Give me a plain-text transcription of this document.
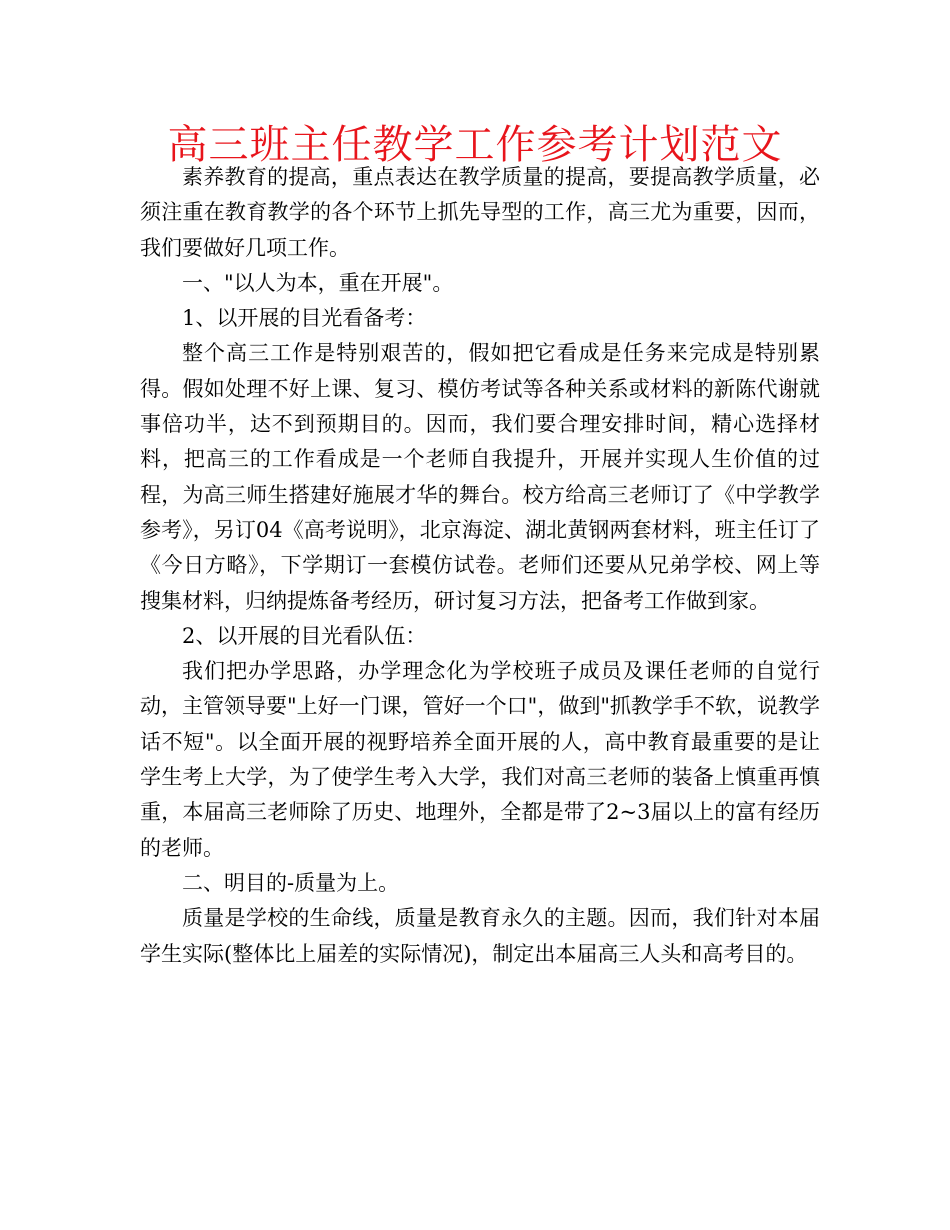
高三班主任教学工作参考计划范文

素养教育的提高，重点表达在教学质量的提高，要提高教学质量，必须注重在教育教学的各个环节上抓先导型的工作，高三尤为重要，因而，我们要做好几项工作。

一、"以人为本，重在开展"。

1、以开展的目光看备考：

整个高三工作是特别艰苦的，假如把它看成是任务来完成是特别累得。假如处理不好上课、复习、模仿考试等各种关系或材料的新陈代谢就事倍功半，达不到预期目的。因而，我们要合理安排时间，精心选择材料，把高三的工作看成是一个老师自我提升，开展并实现人生价值的过程，为高三师生搭建好施展才华的舞台。校方给高三老师订了《中学教学参考》，另订04《高考说明》，北京海淀、湖北黄钢两套材料，班主任订了《今日方略》，下学期订一套模仿试卷。老师们还要从兄弟学校、网上等搜集材料，归纳提炼备考经历，研讨复习方法，把备考工作做到家。

2、以开展的目光看队伍：

我们把办学思路，办学理念化为学校班子成员及课任老师的自觉行动，主管领导要"上好一门课，管好一个口"，做到"抓教学手不软，说教学话不短"。以全面开展的视野培养全面开展的人，高中教育最重要的是让学生考上大学，为了使学生考入大学，我们对高三老师的装备上慎重再慎重，本届高三老师除了历史、地理外，全都是带了2~3届以上的富有经历的老师。

二、明目的-质量为上。

质量是学校的生命线，质量是教育永久的主题。因而，我们针对本届学生实际(整体比上届差的实际情况)，制定出本届高三人头和高考目的。
